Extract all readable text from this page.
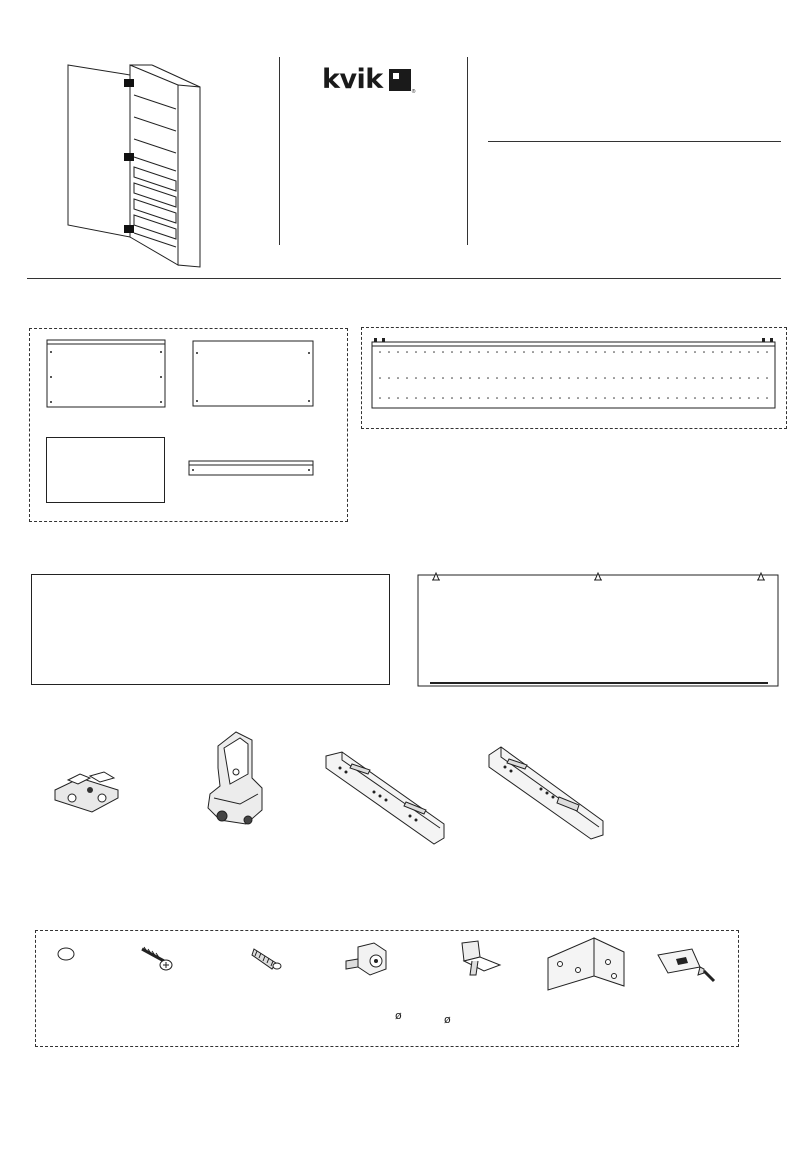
kvik	®
ø	ø
